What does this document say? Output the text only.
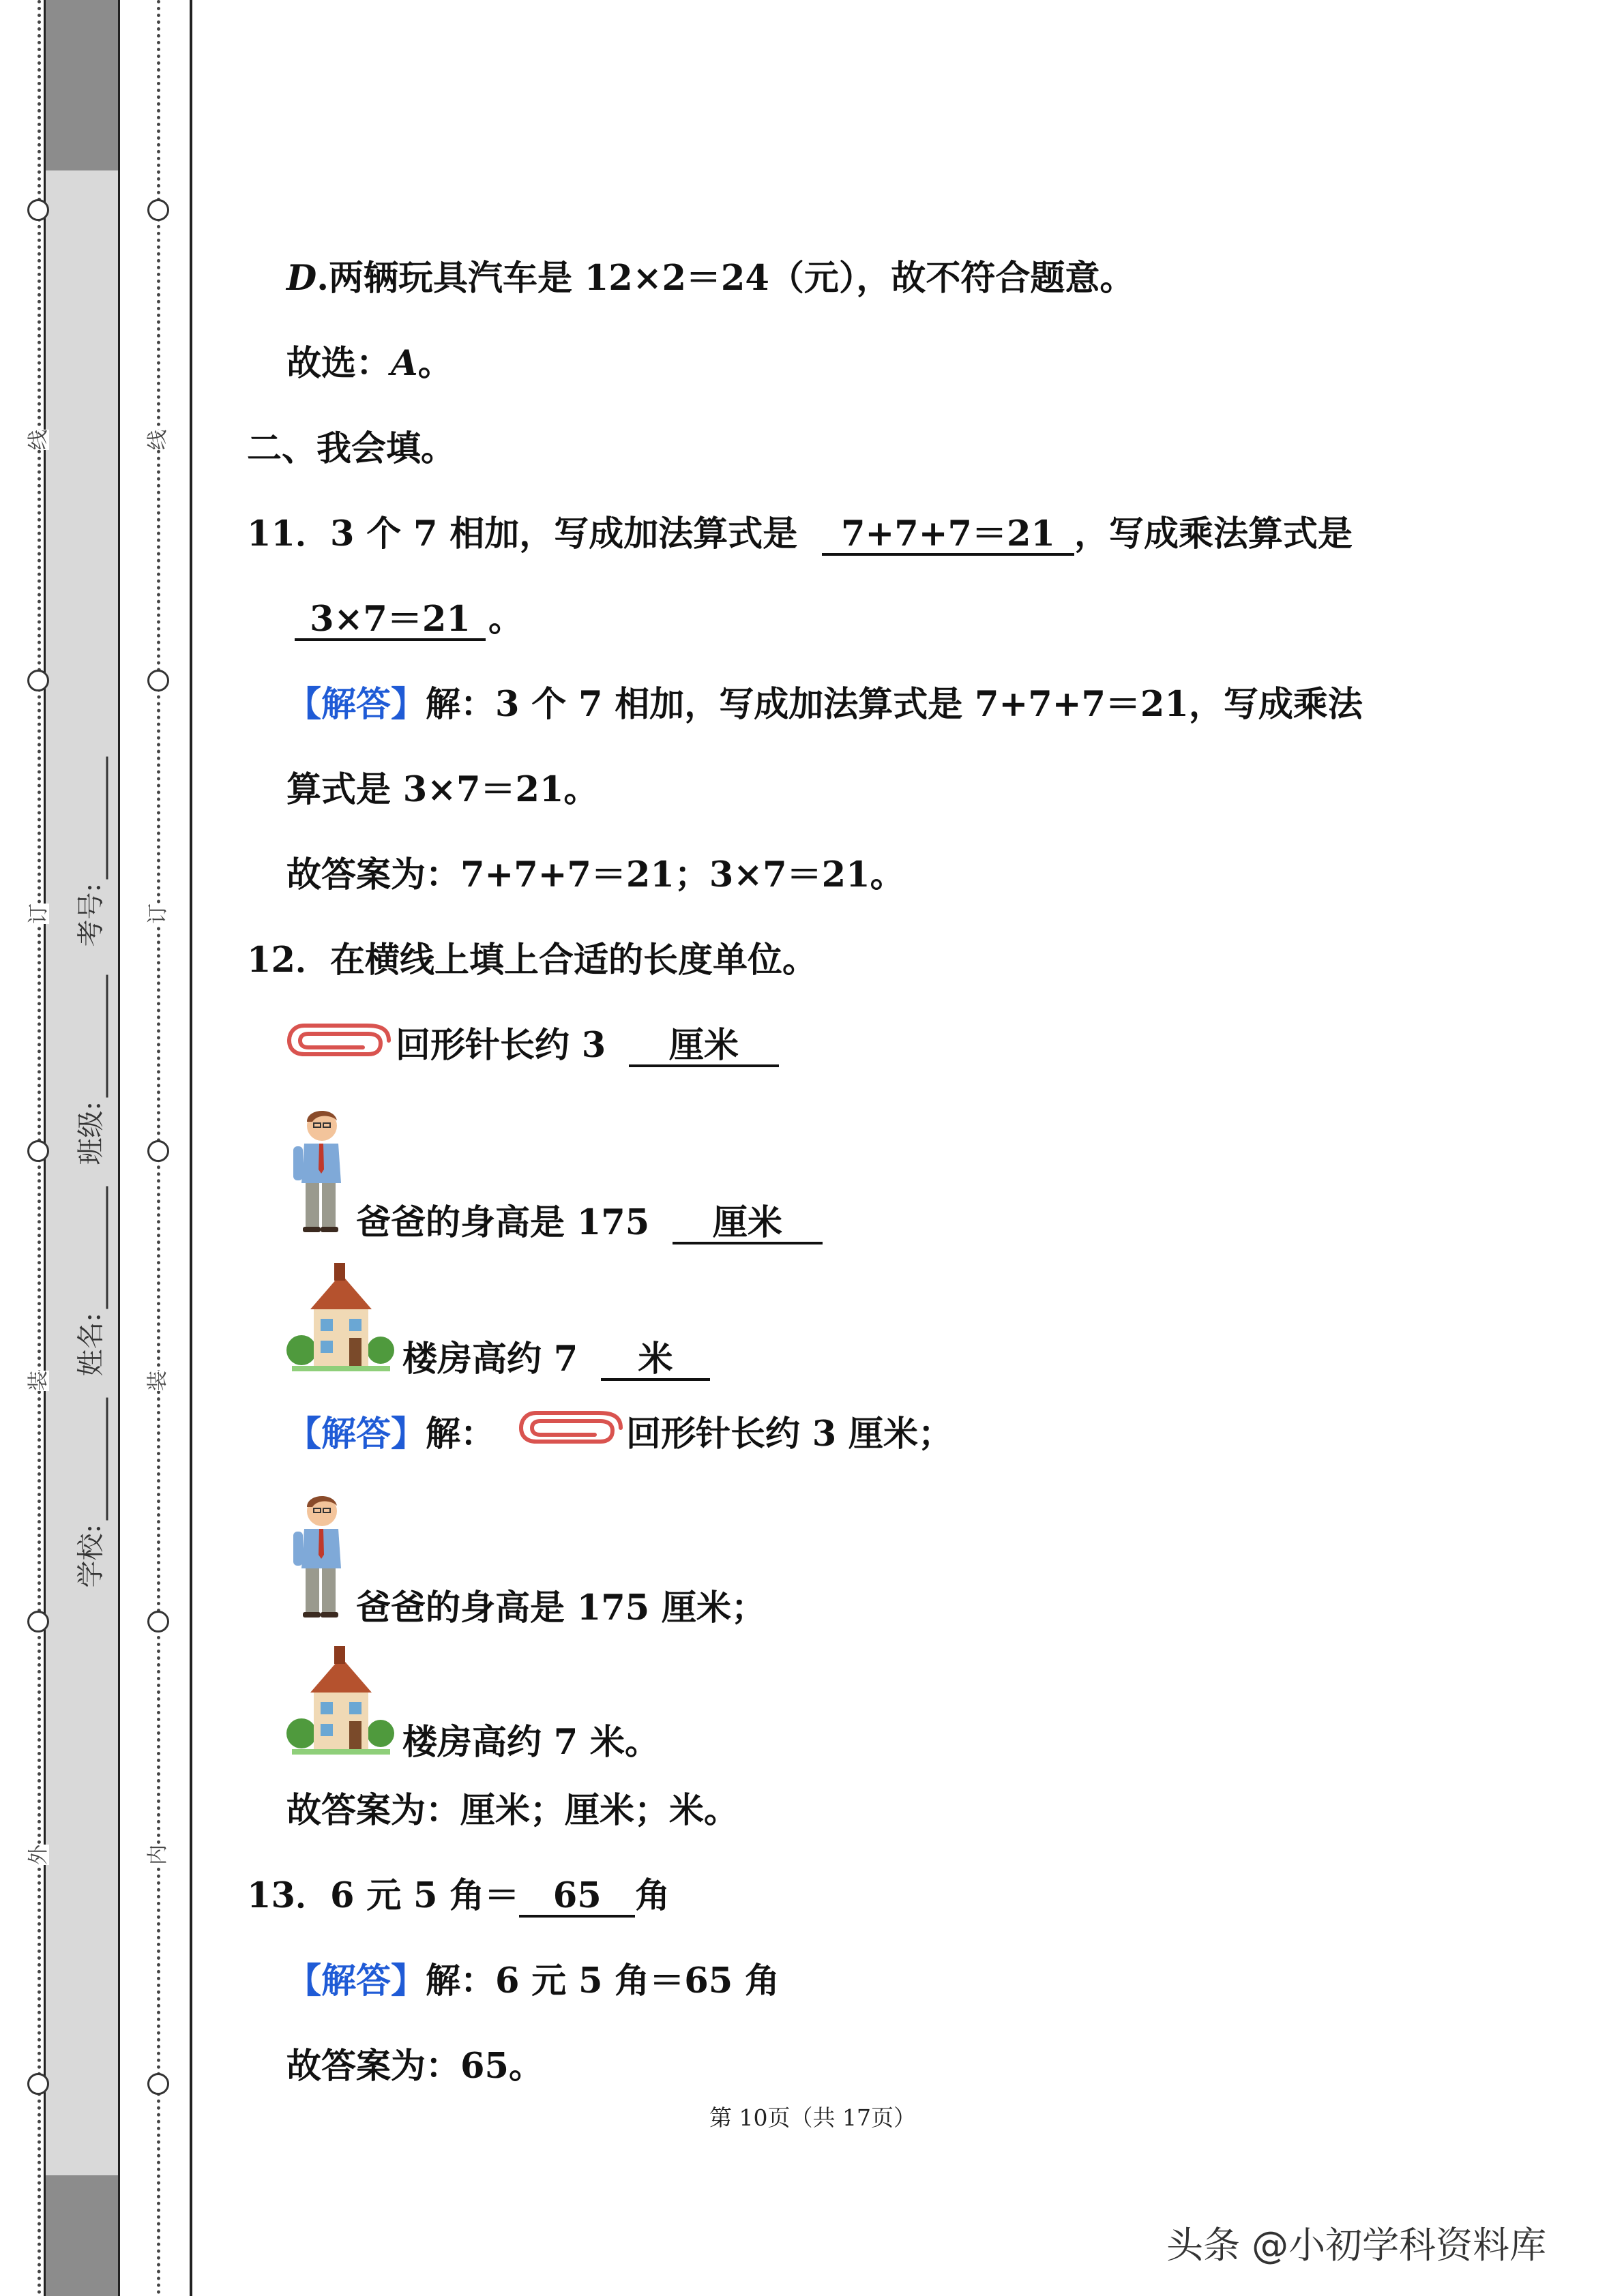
线
订
装
外
线
订
装
内
学校:
姓名:
班级:
考号:
D.两辆玩具汽车是 12×2＝24（元），故不符合题意。
故选：A。
二、我会填。
11．3 个 7 相加，写成加法算式是 7+7+7＝21 ，写成乘法算式是
3×7＝21 。
【解答】解：3 个 7 相加，写成加法算式是 7+7+7＝21，写成乘法
算式是 3×7＝21。
故答案为：7+7+7＝21；3×7＝21。
12．在横线上填上合适的长度单位。
回形针长约 3 厘米
爸爸的身高是 175 厘米
楼房高约 7 米
【解答】解：	回形针长约 3 厘米；
爸爸的身高是 175 厘米；
楼房高约 7 米。
故答案为：厘米；厘米；米。
13．6 元 5 角＝ 65 角
【解答】解：6 元 5 角＝65 角
故答案为：65。
第 10页（共 17页）
头条 @小初学科资料库
